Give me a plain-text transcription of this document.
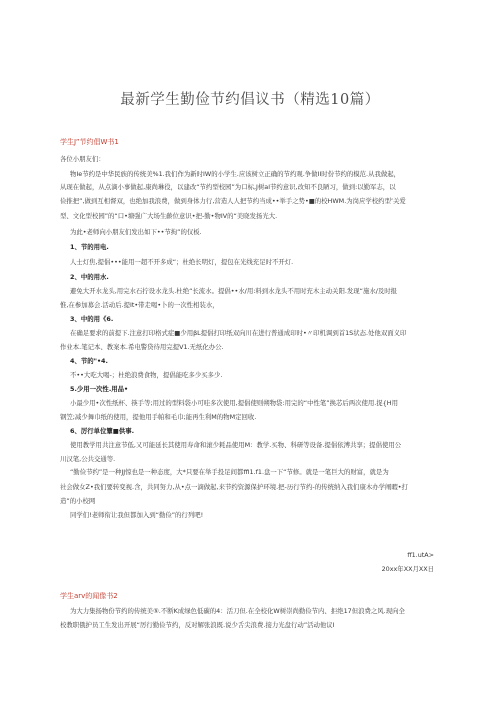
最新学生勤俭节约倡议书（精选10篇）
学生J”节约倡W书1
各位小朋友们：
物Ie节约是中华民族的传统美%1.我们作为新时IW的小学生.应该树立正确的节约观.争做II时份节约的模范.从我做起，
从现在做起，从点滴小事做起,康尚琳役，以建改“节约型校园”为口标,J树al节约意识,改知不良陋习，做到:以勤军志，以
俭推把”,做到互相督双，也绝加我浪费，做到身体力行,营造人人把节约当成••举手之势•■的校HWM.为岗应学校约型’关爱
型、文化型校园”的“口•塘强广大场生齡位意识•把-勤•物IV的“美晓发扬光大.
为此•老师向小朋友们发出如下••节拘”的仅板.
1、节的用电.
人士灯焦,提倡•••能用一超不开多成“；杜绝长明灯，提包在光线充足时不开灯.
2、中的用水.
避免大开水龙头,用完水石拧设水龙头.杜绝“长流水。提倡••水/用:料到水龙头不用时充木主动关阳.发现“施水/及时报
惟,在参加募会.活动后.提It•带走喝•卜的一次性相装水，
3、中的用《6.
在确足要求的前提下.注意打印格式症■少用βL提倡打印纸双向川在进行普通成印时•〃印机调到首1S状态.处他双面义印
作业本.笔记本、教案本.希电警贷待用完提V1.无纸化办公.
4、节的"•4.
不••大吃大喝-；杜绝浪费食物，提倡能吃多少买多少.
5.少用一次性.用品•
小最少用•次性纸杯、筷手等;用过的型料袋小可哇多次使用,提倡使则朔物袋:用完的“中性笔”换芯后两次使用.捉{H用
钢笠;减少舞巾纸的使用，提他用手帕和毛巾;能再生利M的物M定回收.
6、厉行单位簟■供事.
使用教学用共注意节低,又可能延长其使用寿命和滚少耗品使用M：教学.买物、科研等设备.提倡依溥共享；提倡使用公
川汉笔,公共交通等.
“勤俭节约”是一种JJ惊也是一种态度，大*只要在举手投足间都ffi1.f1.盘一下“节修。就是一笔巨大的财富，就是为
社会做女Z•我们要转变视.含，共同努力,从•点一滴做起,来节约资源保护环境.把-历行节约-的传统纳入我们康木办学阐暇•打
造”的小校网
同学们!老师衔让我但都加入到“勤俭”的行列吧!
ff1.utA>
20xx年XX月XX日
学生arv的闻像书2
为大力集扬物份节约的传统美⑤.不断K成绿色低碳的4：活刀但.在全校化W树崇尚勤俭节内、拒绝17但浪费之风.现向全
校教职俄护员工生发出开展“厉行勤俭节约，反对解张浪既.说少舌尖浪费.接力光盘行动”活动他议I
